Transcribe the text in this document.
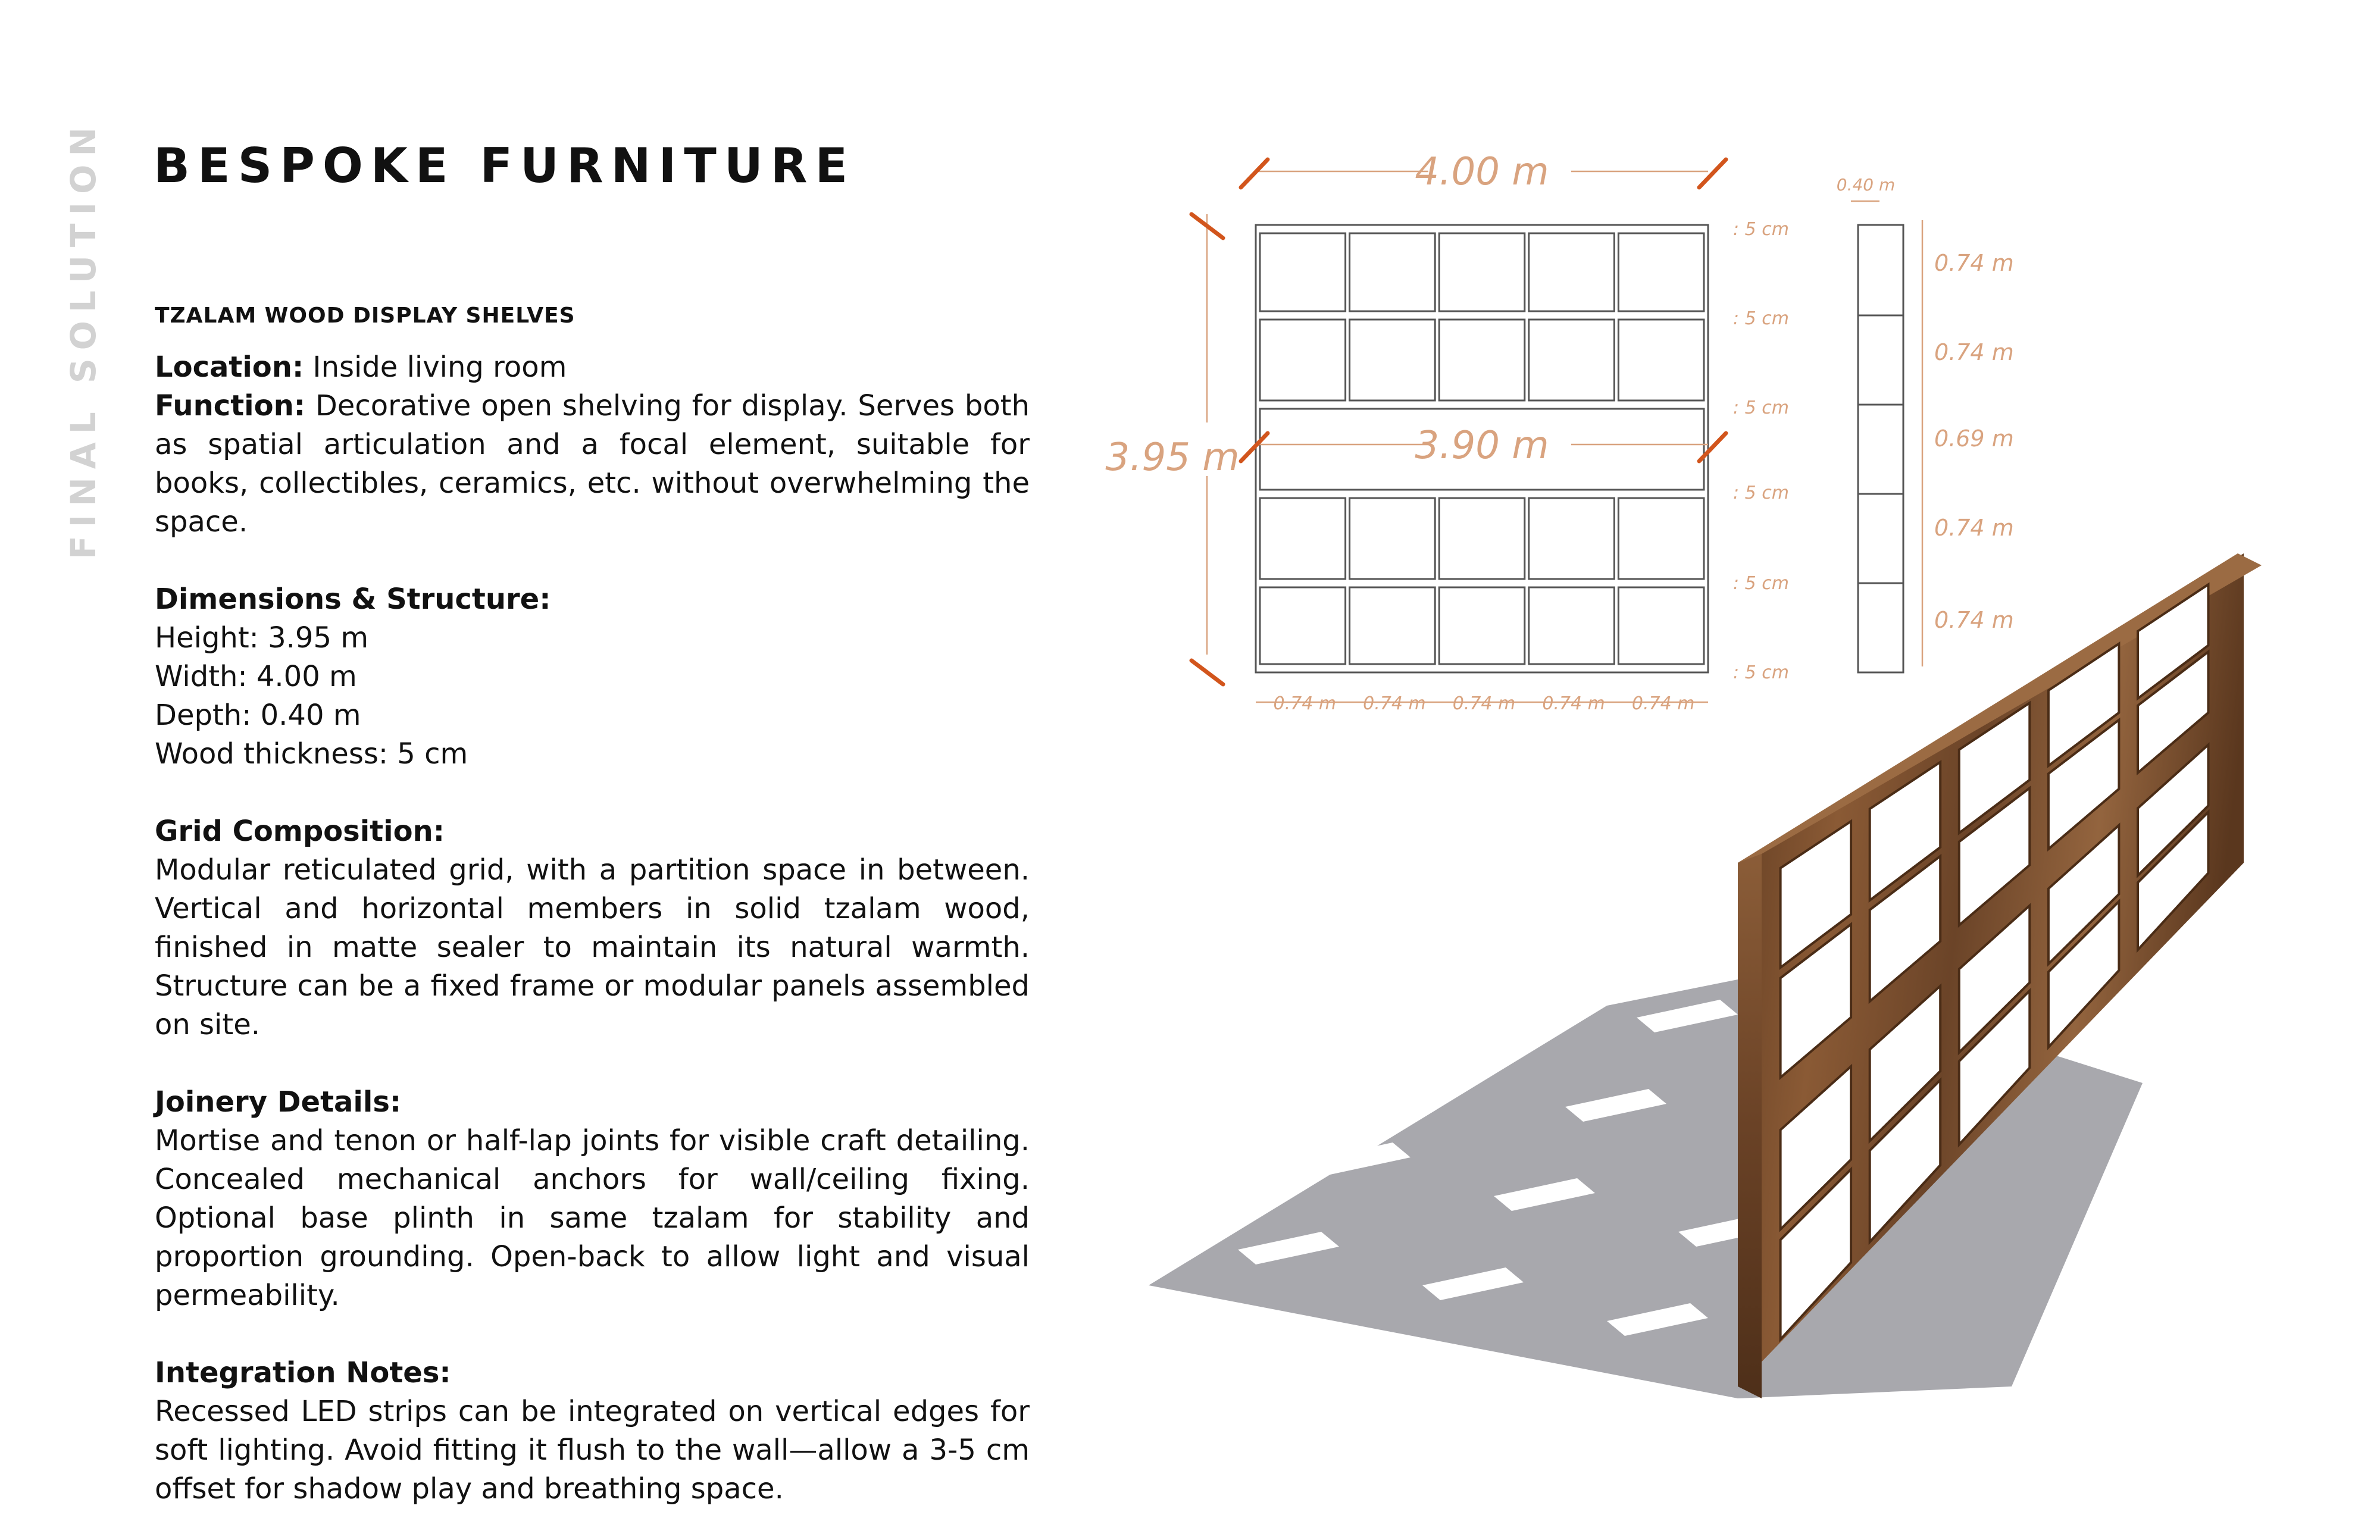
FINAL SOLUTION BESPOKE FURNITURE
TZALAM WOOD DISPLAY SHELVES

Location: Inside living room

Function: Decorative open shelving for display. Serves both as spatial articulation and a focal element, suitable for books, collectibles, ceramics, etc. without overwhelming the space.

Dimensions & Structure:

Height: 3.95 m

Width: 4.00 m

Depth: 0.40 m

Wood thickness: 5 cm

Grid Composition:

Modular reticulated grid, with a partition space in between. Vertical and horizontal members in solid tzalam wood, finished in matte sealer to maintain its natural warmth. Structure can be a fixed frame or modular panels assembled on site.

Joinery Details:

Mortise and tenon or half-lap joints for visible craft detailing. Concealed mechanical anchors for wall/ceiling fixing. Optional base plinth in same tzalam for stability and proportion grounding. Open-back to allow light and visual permeability.

Integration Notes:

Recessed LED strips can be integrated on vertical edges for soft lighting. Avoid fitting it flush to the wall—allow a 3-5 cm offset for shadow play and breathing space.

4.00 m
3.90 m
3.95 m
0.40 m
: 5 cm
: 5 cm
: 5 cm
: 5 cm
: 5 cm
: 5 cm
0.74 m 0.74 m 0.74 m 0.74 m 0.74 m
0.74 m
0.74 m
0.69 m
0.74 m
0.74 m
